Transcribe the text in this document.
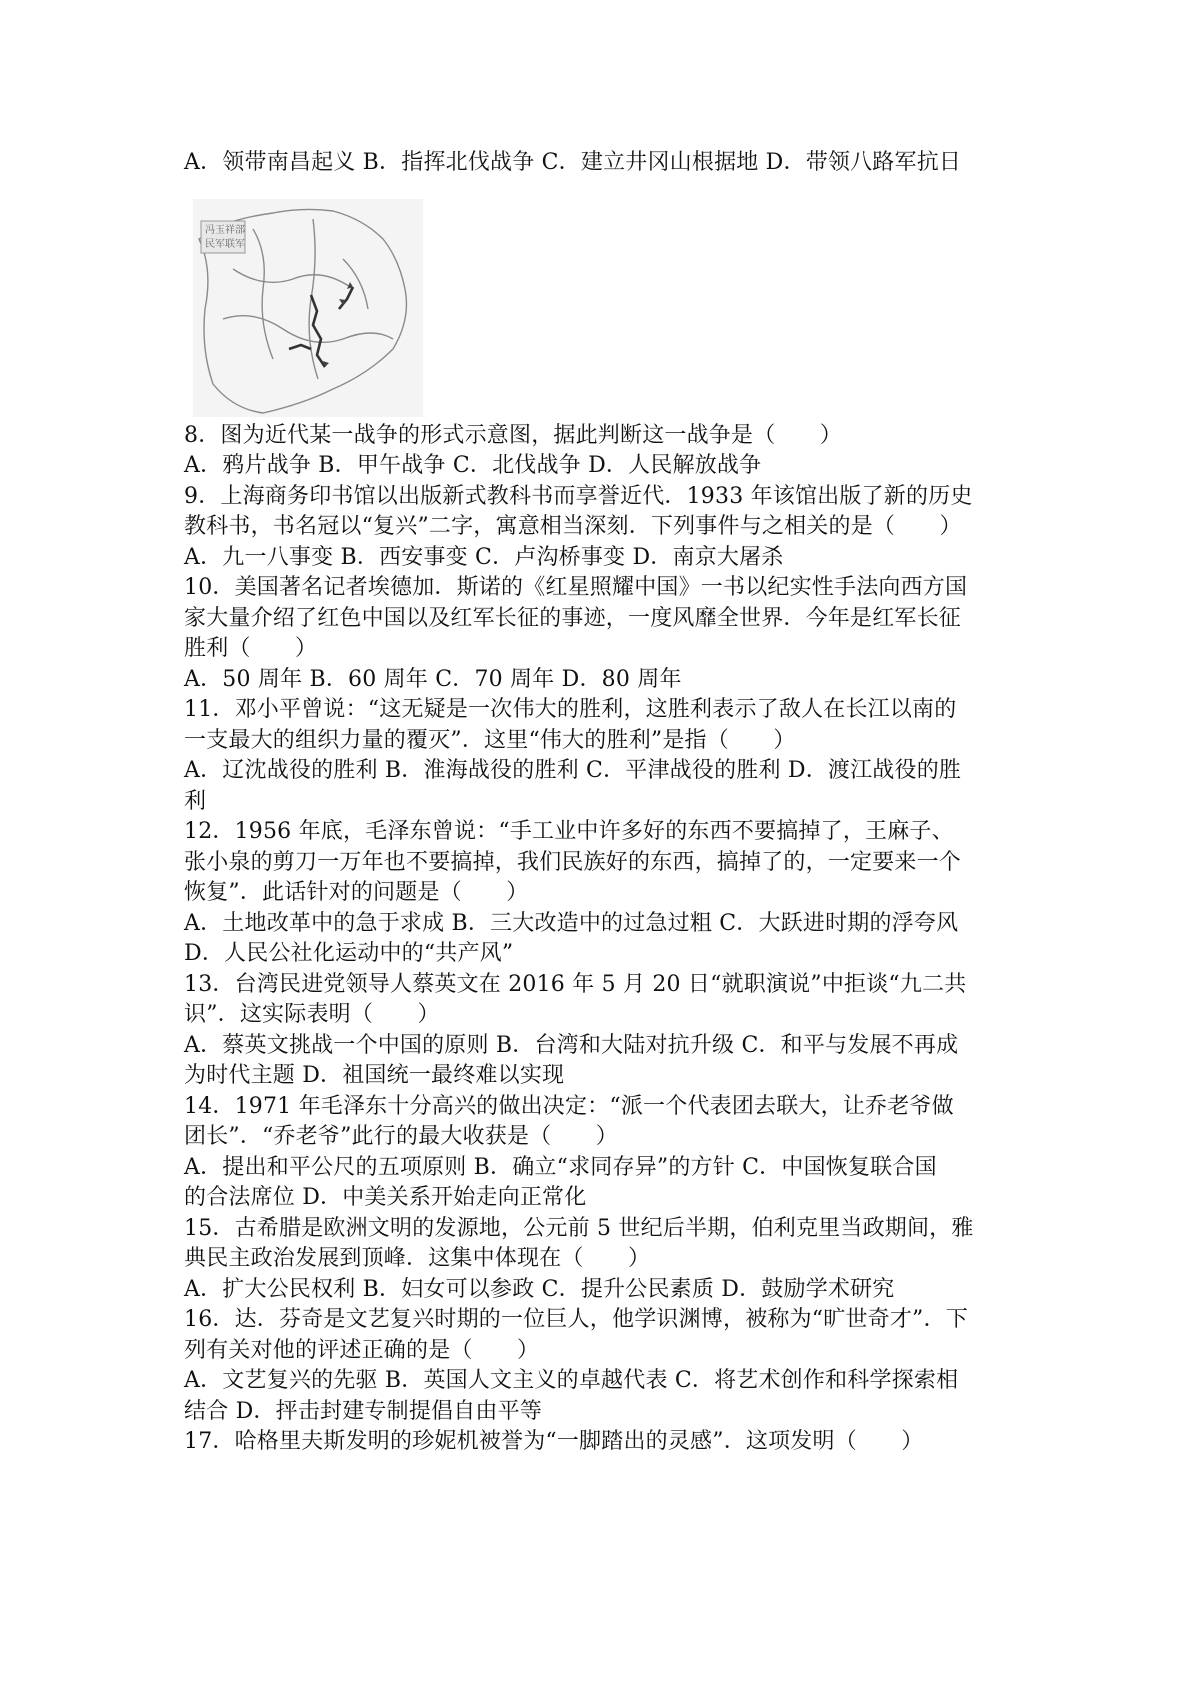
A．领带南昌起义 B．指挥北伐战争 C．建立井冈山根据地 D．带领八路军抗日
冯玉祥部
民军联军
8．图为近代某一战争的形式示意图，据此判断这一战争是（　　）
A．鸦片战争 B．甲午战争 C．北伐战争 D．人民解放战争
9．上海商务印书馆以出版新式教科书而享誉近代．1933 年该馆出版了新的历史
教科书，书名冠以“复兴”二字，寓意相当深刻．下列事件与之相关的是（　　）
A．九一八事变 B．西安事变 C．卢沟桥事变 D．南京大屠杀
10．美国著名记者埃德加．斯诺的《红星照耀中国》一书以纪实性手法向西方国
家大量介绍了红色中国以及红军长征的事迹，一度风靡全世界．今年是红军长征
胜利（　　）
A．50 周年 B．60 周年 C．70 周年 D．80 周年
11．邓小平曾说：“这无疑是一次伟大的胜利，这胜利表示了敌人在长江以南的
一支最大的组织力量的覆灭”．这里“伟大的胜利”是指（　　）
A．辽沈战役的胜利 B．淮海战役的胜利 C．平津战役的胜利 D．渡江战役的胜
利
12．1956 年底，毛泽东曾说：“手工业中许多好的东西不要搞掉了，王麻子、
张小泉的剪刀一万年也不要搞掉，我们民族好的东西，搞掉了的，一定要来一个
恢复”．此话针对的问题是（　　）
A．土地改革中的急于求成 B．三大改造中的过急过粗 C．大跃进时期的浮夸风
D．人民公社化运动中的“共产风”
13．台湾民进党领导人蔡英文在 2016 年 5 月 20 日“就职演说”中拒谈“九二共
识”．这实际表明（　　）
A．蔡英文挑战一个中国的原则 B．台湾和大陆对抗升级 C．和平与发展不再成
为时代主题 D．祖国统一最终难以实现
14．1971 年毛泽东十分高兴的做出决定：“派一个代表团去联大，让乔老爷做
团长”．“乔老爷”此行的最大收获是（　　）
A．提出和平公尺的五项原则 B．确立“求同存异”的方针 C．中国恢复联合国
的合法席位 D．中美关系开始走向正常化
15．古希腊是欧洲文明的发源地，公元前 5 世纪后半期，伯利克里当政期间，雅
典民主政治发展到顶峰．这集中体现在（　　）
A．扩大公民权利 B．妇女可以参政 C．提升公民素质 D．鼓励学术研究
16．达．芬奇是文艺复兴时期的一位巨人，他学识渊博，被称为“旷世奇才”．下
列有关对他的评述正确的是（　　）
A．文艺复兴的先驱 B．英国人文主义的卓越代表 C．将艺术创作和科学探索相
结合 D．抨击封建专制提倡自由平等
17．哈格里夫斯发明的珍妮机被誉为“一脚踏出的灵感”．这项发明（　　）
